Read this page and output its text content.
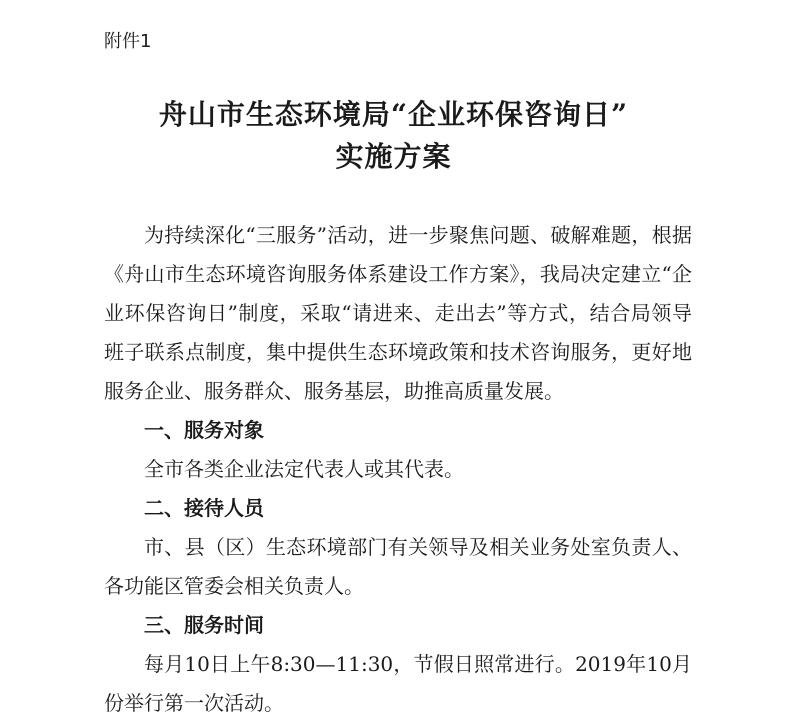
附件1
舟山市生态环境局“企业环保咨询日”
实施方案

为持续深化“三服务”活动，进一步聚焦问题、破解难题，根据《舟山市生态环境咨询服务体系建设工作方案》，我局决定建立“企业环保咨询日”制度，采取“请进来、走出去”等方式，结合局领导班子联系点制度，集中提供生态环境政策和技术咨询服务，更好地服务企业、服务群众、服务基层，助推高质量发展。

一、服务对象

全市各类企业法定代表人或其代表。

二、接待人员

市、县（区）生态环境部门有关领导及相关业务处室负责人、各功能区管委会相关负责人。

三、服务时间

每月10日上午8:30—11:30，节假日照常进行。2019年10月份举行第一次活动。
